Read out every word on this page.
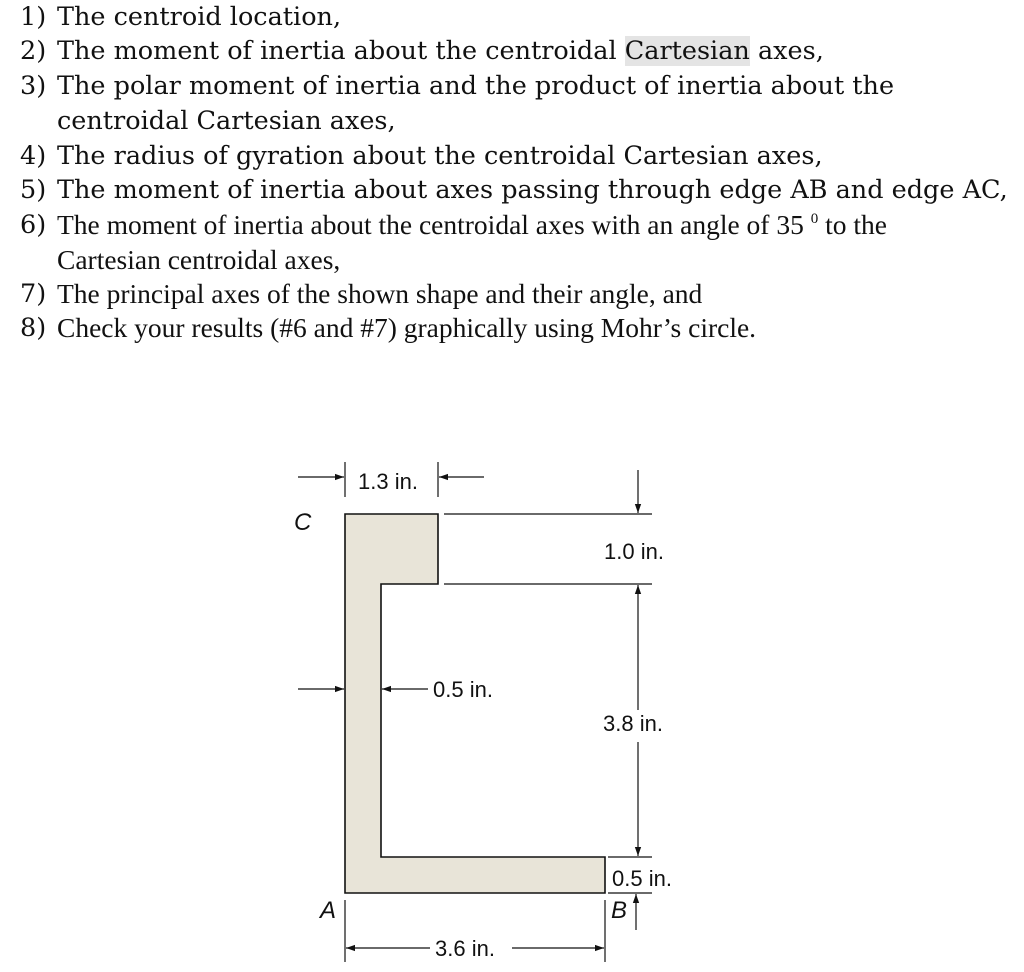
1) The centroid location,
2) The moment of inertia about the centroidal Cartesian axes,
3) The polar moment of inertia and the product of inertia about the
centroidal Cartesian axes,
4) The radius of gyration about the centroidal Cartesian axes,
5) The moment of inertia about axes passing through edge AB and edge AC,
6) The moment of inertia about the centroidal axes with an angle of 35 $^0$ to the
Cartesian centroidal axes,
7) The principal axes of the shown shape and their angle, and
8) Check your results (#6 and #7) graphically using Mohr’s circle.
1.3 in.
1.0 in.
3.8 in.
0.5 in.
0.5 in.
3.6 in.
C
A	B
